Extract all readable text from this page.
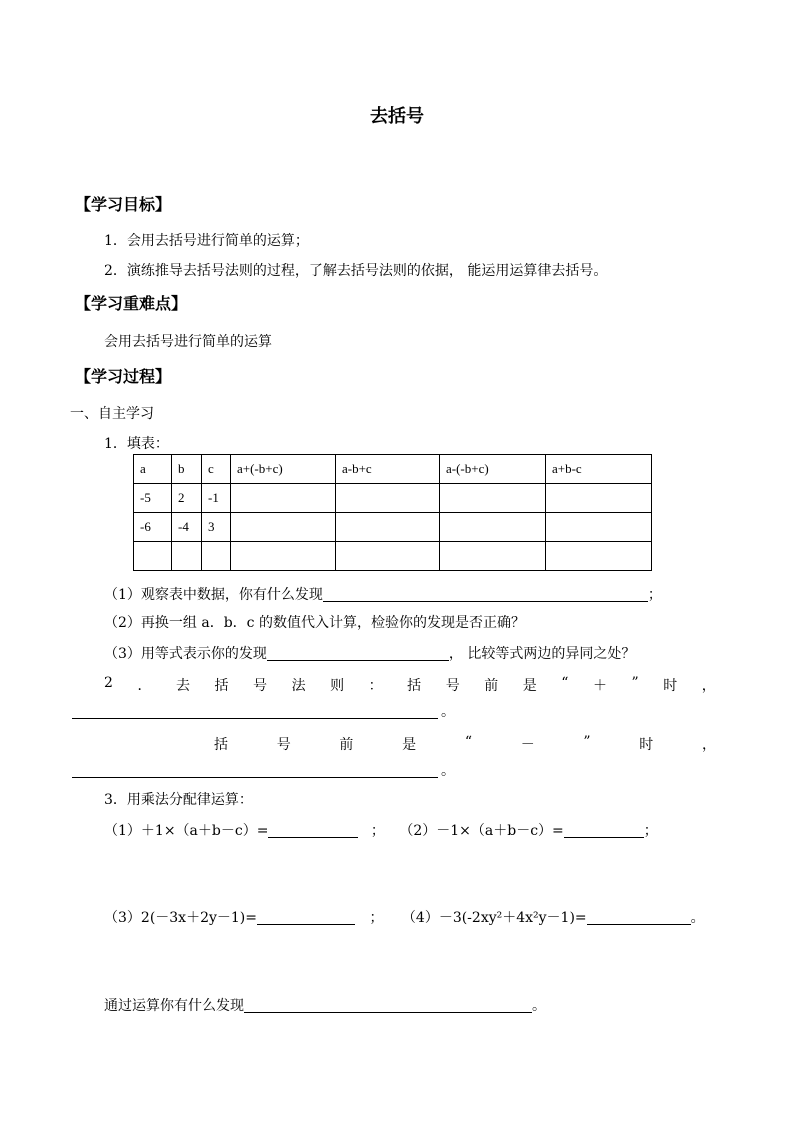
去括号
【学习目标】
1．会用去括号进行简单的运算；
2．演练推导去括号法则的过程，了解去括号法则的依据， 能运用运算律去括号。
【学习重难点】
会用去括号进行简单的运算
【学习过程】
一、自主学习
1．填表：
a	b	c	a+(-b+c)	a-b+c	a-(-b+c)	a+b-c
-5	2	-1				
-6	-4	3				

（1）观察表中数据，你有什么发现	；
（2）再换一组 a．b．c 的数值代入计算，检验你的发现是否正确？
（3）用等式表示你的发现	， 比较等式两边的异同之处？
2 ． 去 括 号 法 则 ： 括 号 前 是 “ ＋ ” 时 ，
。
括	号	前	是	“	－	”	时	，
。
3．用乘法分配律运算：
（1）＋1×（a＋b－c）=	； （2）－1×（a＋b－c）=	；
（3）2(－3x＋2y－1)=	； （4）－3(-2xy²＋4x²y－1)=	。
通过运算你有什么发现	。
